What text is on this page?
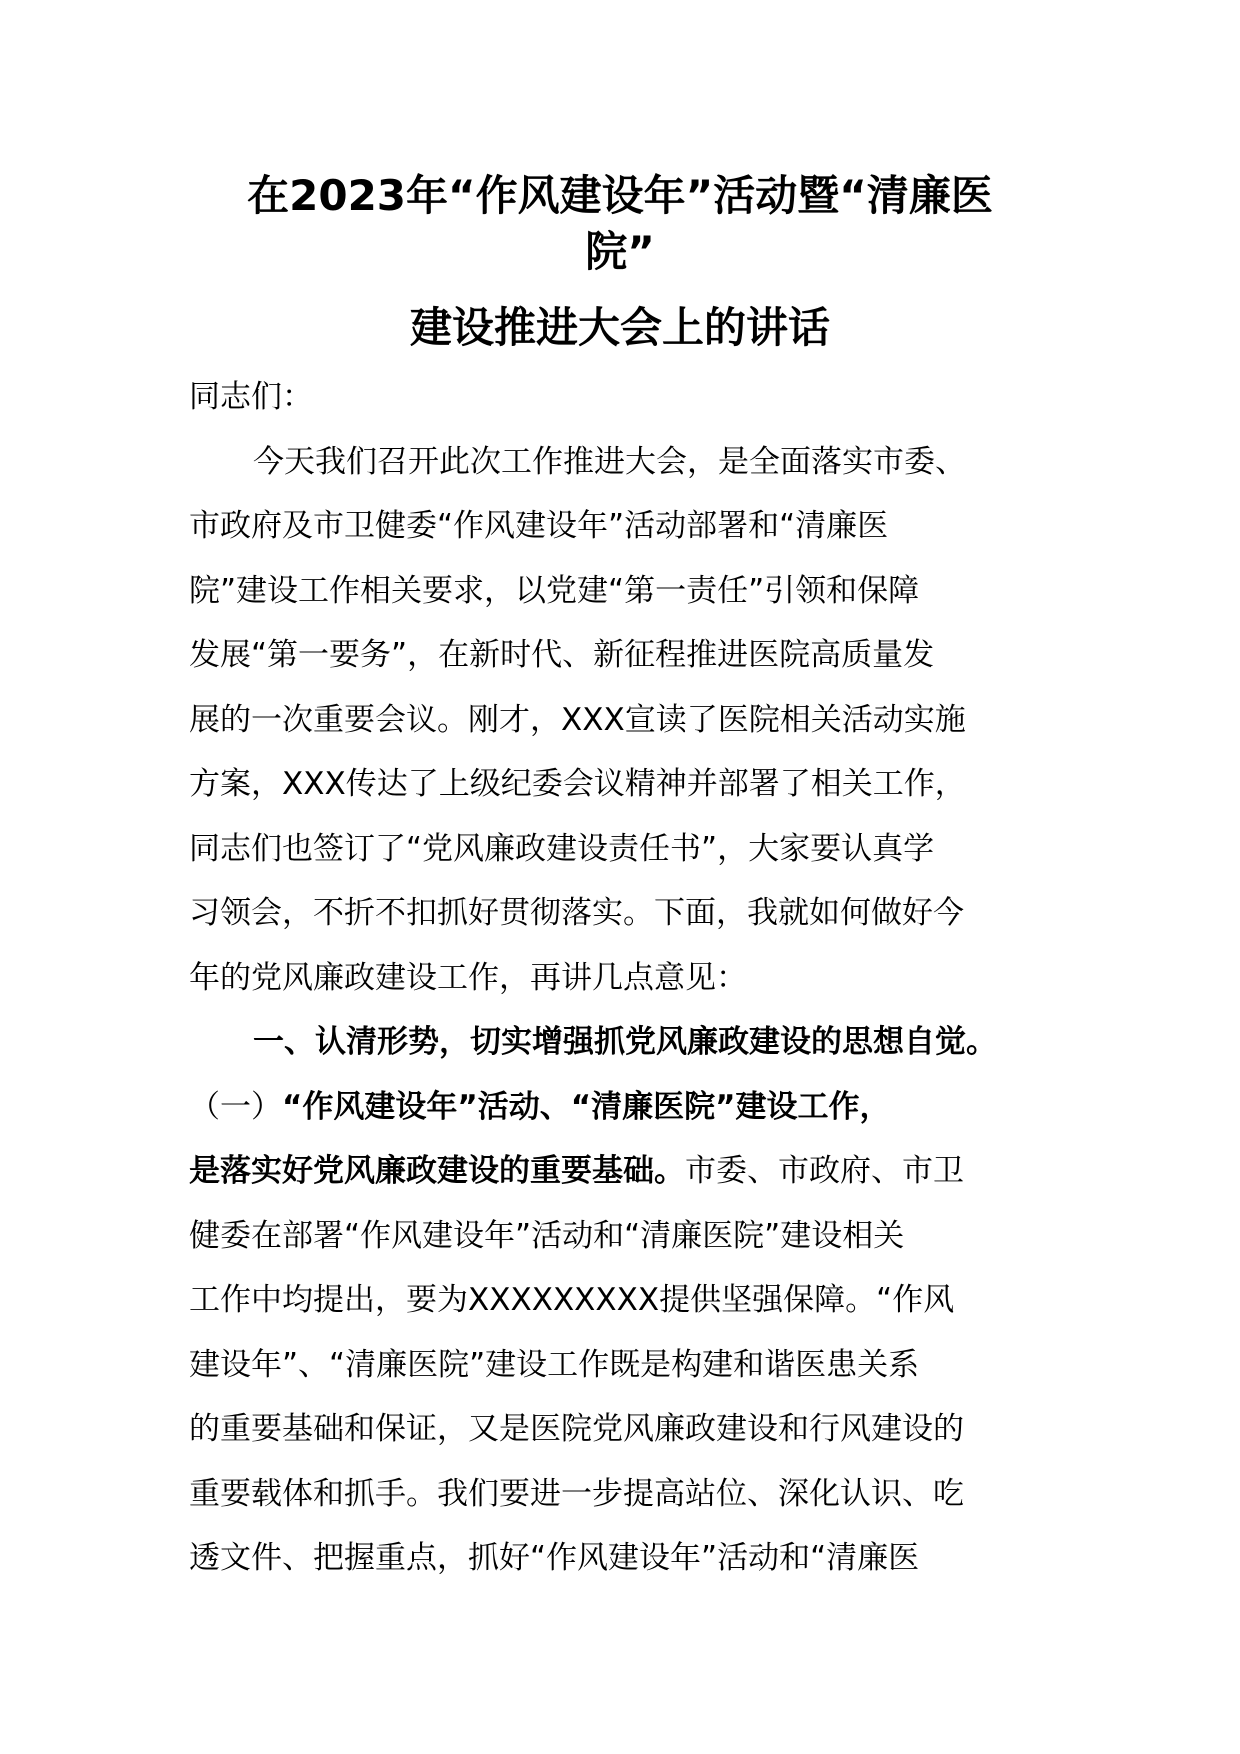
在2023年“作风建设年”活动暨“清廉医
院”
建设推进大会上的讲话
同志们：

今天我们召开此次工作推进大会，是全面落实市委、
市政府及市卫健委“作风建设年”活动部署和“清廉医
院”建设工作相关要求，以党建“第一责任”引领和保障
发展“第一要务”，在新时代、新征程推进医院高质量发
展的一次重要会议。刚才，XXX宣读了医院相关活动实施
方案，XXX传达了上级纪委会议精神并部署了相关工作，
同志们也签订了“党风廉政建设责任书”，大家要认真学
习领会，不折不扣抓好贯彻落实。下面，我就如何做好今
年的党风廉政建设工作，再讲几点意见：

一、认清形势，切实增强抓党风廉政建设的思想自觉。
（一）“作风建设年”活动、“清廉医院”建设工作，
是落实好党风廉政建设的重要基础。市委、市政府、市卫

健委在部署“作风建设年”活动和“清廉医院”建设相关
工作中均提出，要为XXXXXXXXX提供坚强保障。“作风
建设年”、“清廉医院”建设工作既是构建和谐医患关系
的重要基础和保证，又是医院党风廉政建设和行风建设的
重要载体和抓手。我们要进一步提高站位、深化认识、吃
透文件、把握重点，抓好“作风建设年”活动和“清廉医
